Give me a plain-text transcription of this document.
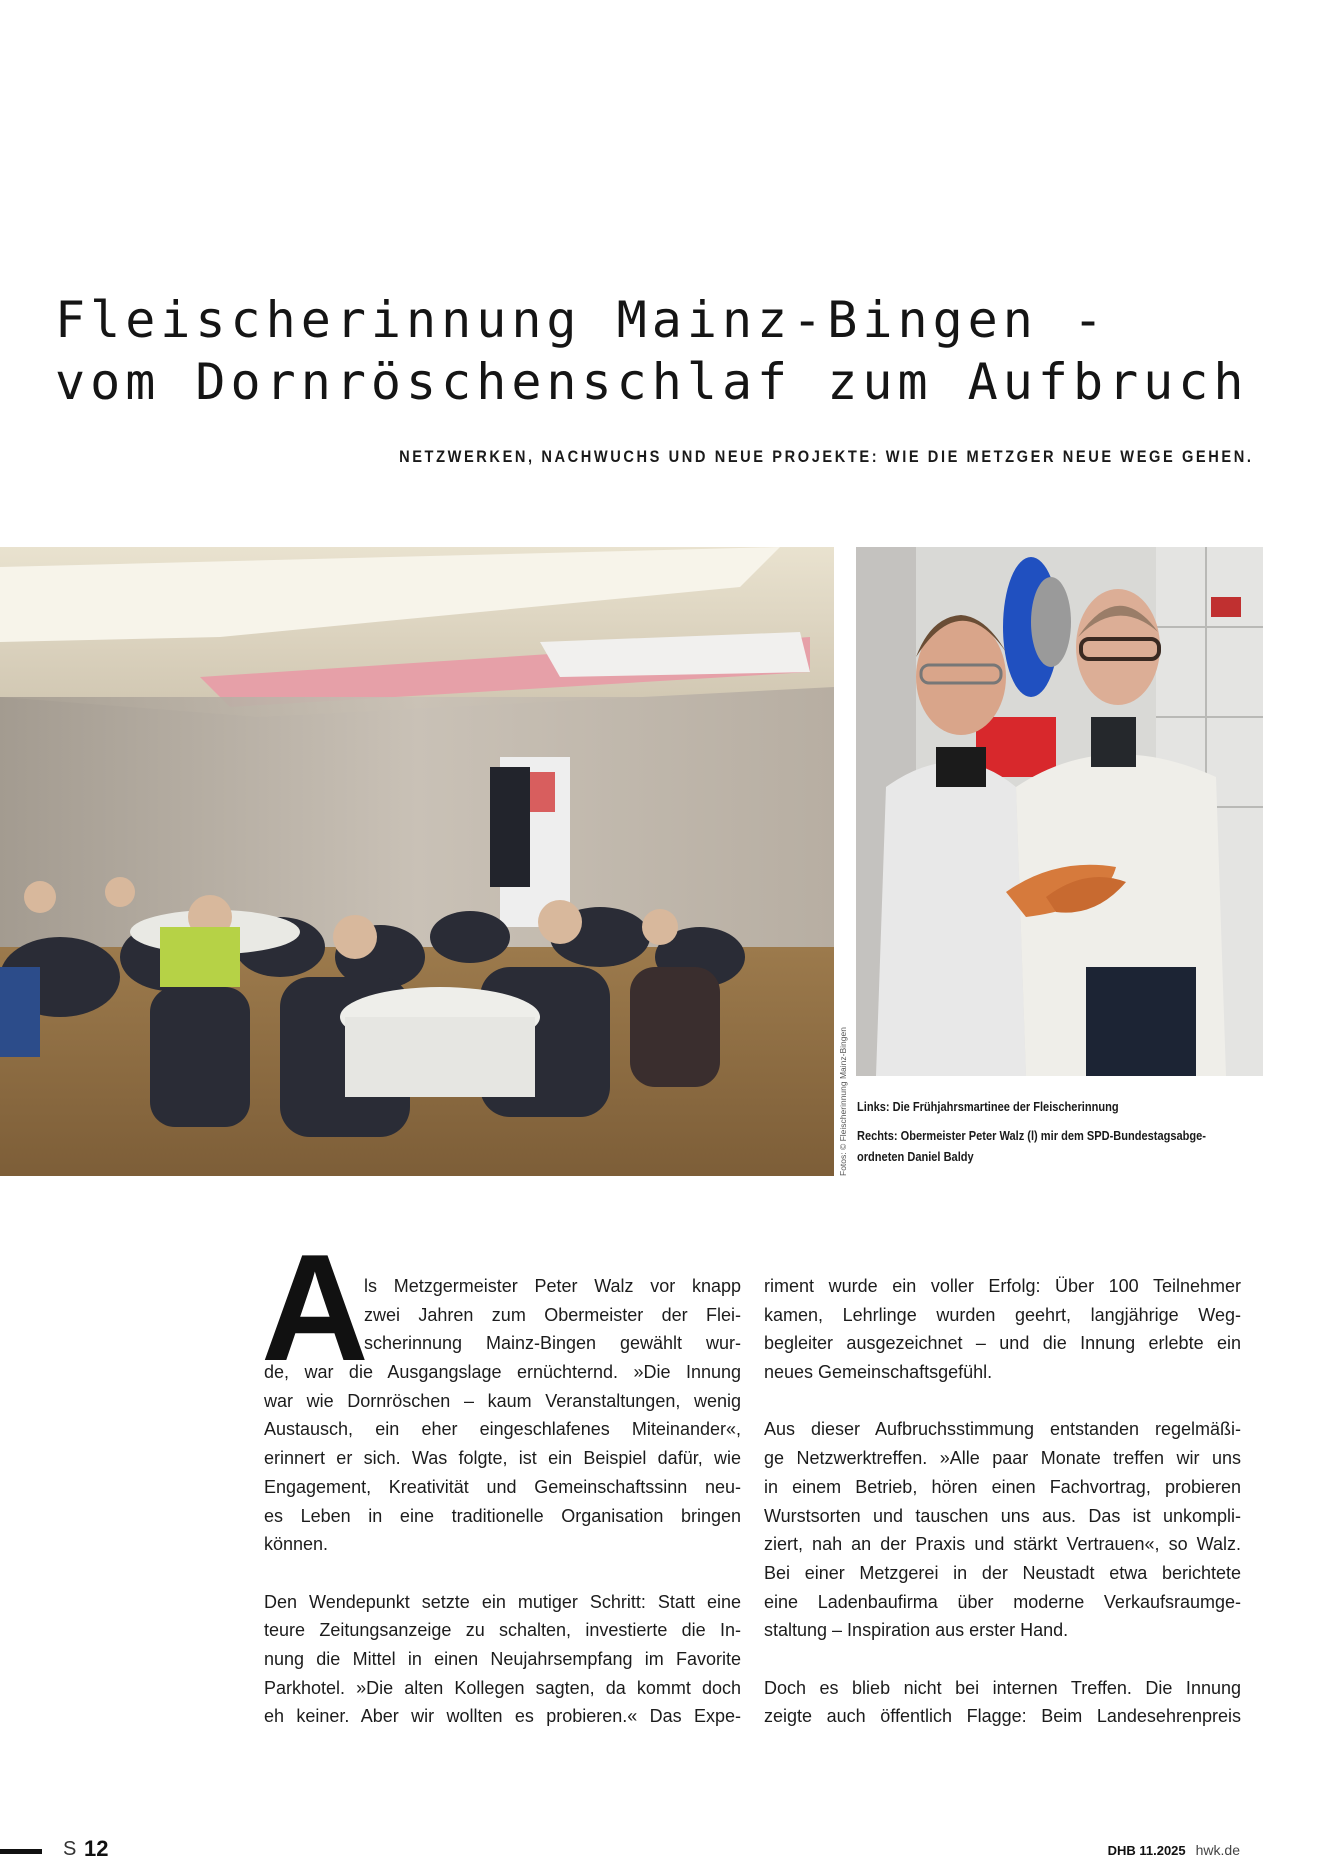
Fleischerinnung Mainz-Bingen -
vom Dornröschenschlaf zum Aufbruch
NETZWERKEN, NACHWUCHS UND NEUE PROJEKTE: WIE DIE METZGER NEUE WEGE GEHEN.
Fotos: © Fleischerinnung Mainz-Bingen Links: Die Frühjahrsmartinee der Fleischerinnung
Rechts: Obermeister Peter Walz (l) mir dem SPD-Bundestagsabge-
ordneten Daniel Baldy
A
ls Metzgermeister Peter Walz vor knapp
zwei Jahren zum Obermeister der Flei-
scherinnung Mainz-Bingen gewählt wur-
de, war die Ausgangslage ernüchternd. »Die Innung
war wie Dornröschen – kaum Veranstaltungen, wenig
Austausch, ein eher eingeschlafenes Miteinander«,
erinnert er sich. Was folgte, ist ein Beispiel dafür, wie
Engagement, Kreativität und Gemeinschaftssinn neu-
es Leben in eine traditionelle Organisation bringen
können.
Den Wendepunkt setzte ein mutiger Schritt: Statt eine
teure Zeitungsanzeige zu schalten, investierte die In-
nung die Mittel in einen Neujahrsempfang im Favorite
Parkhotel. »Die alten Kollegen sagten, da kommt doch
eh keiner. Aber wir wollten es probieren.« Das Expe-
riment wurde ein voller Erfolg: Über 100 Teilnehmer
kamen, Lehrlinge wurden geehrt, langjährige Weg-
begleiter ausgezeichnet – und die Innung erlebte ein
neues Gemeinschaftsgefühl.
Aus dieser Aufbruchsstimmung entstanden regelmäßi-
ge Netzwerktreffen. »Alle paar Monate treffen wir uns
in einem Betrieb, hören einen Fachvortrag, probieren
Wurstsorten und tauschen uns aus. Das ist unkompli-
ziert, nah an der Praxis und stärkt Vertrauen«, so Walz.
Bei einer Metzgerei in der Neustadt etwa berichtete
eine Ladenbaufirma über moderne Verkaufsraumge-
staltung – Inspiration aus erster Hand.
Doch es blieb nicht bei internen Treffen. Die Innung
zeigte auch öffentlich Flagge: Beim Landesehrenpreis
S 12	DHB 11.2025 hwk.de
